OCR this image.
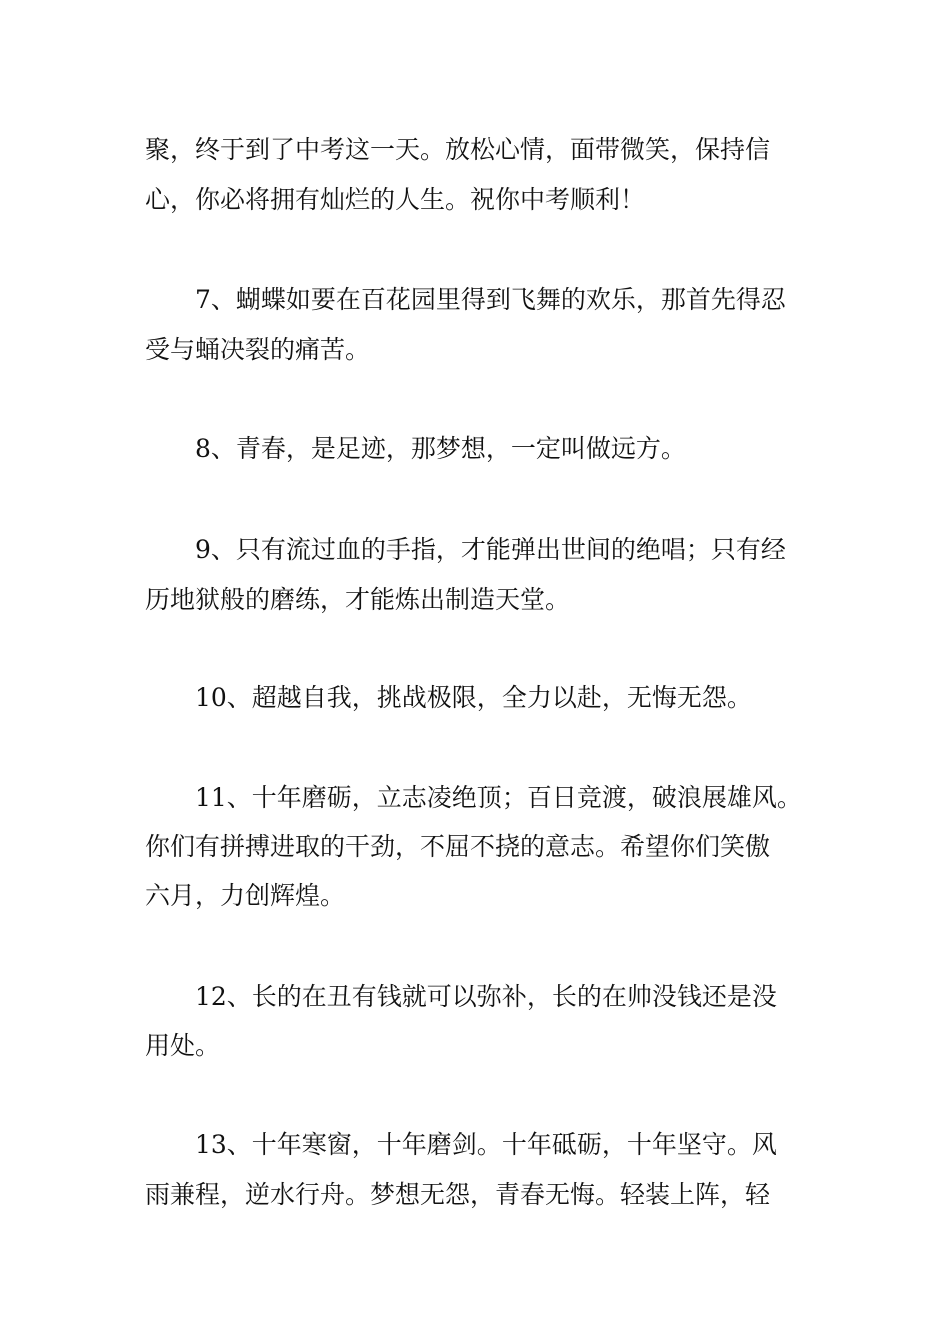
聚，终于到了中考这一天。放松心情，面带微笑，保持信

心，你必将拥有灿烂的人生。祝你中考顺利！

7、蝴蝶如要在百花园里得到飞舞的欢乐，那首先得忍

受与蛹决裂的痛苦。

8、青春，是足迹，那梦想，一定叫做远方。

9、只有流过血的手指，才能弹出世间的绝唱；只有经

历地狱般的磨练，才能炼出制造天堂。

10、超越自我，挑战极限，全力以赴，无悔无怨。

11、十年磨砺，立志凌绝顶；百日竞渡，破浪展雄风。

你们有拼搏进取的干劲，不屈不挠的意志。希望你们笑傲

六月，力创辉煌。

12、长的在丑有钱就可以弥补，长的在帅没钱还是没

用处。

13、十年寒窗，十年磨剑。十年砥砺，十年坚守。风

雨兼程，逆水行舟。梦想无怨，青春无悔。轻装上阵，轻
